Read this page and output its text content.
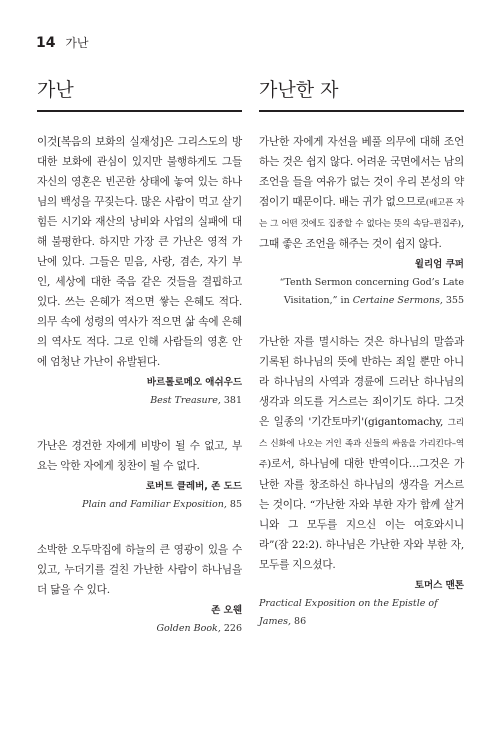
14 가난
가난

이것[복음의 보화의 실재성]은 그리스도의 방대한 보화에 관심이 있지만 불행하게도 그들 자신의 영혼은 빈곤한 상태에 놓여 있는 하나님의 백성을 꾸짖는다. 많은 사람이 먹고 살기 힘든 시기와 재산의 낭비와 사업의 실패에 대해 불평한다. 하지만 가장 큰 가난은 영적 가난에 있다. 그들은 믿음, 사랑, 겸손, 자기 부인, 세상에 대한 죽음 같은 것들을 결핍하고 있다. 쓰는 은혜가 적으면 쌓는 은혜도 적다. 의무 속에 성령의 역사가 적으면 삶 속에 은혜의 역사도 적다. 그로 인해 사람들의 영혼 안에 엄청난 가난이 유발된다.

바르톨로메오 애쉬우드
Best Treasure, 381

가난은 경건한 자에게 비방이 될 수 없고, 부요는 악한 자에게 칭찬이 될 수 없다.

로버트 클레버, 존 도드
Plain and Familiar Exposition, 85

소박한 오두막집에 하늘의 큰 영광이 있을 수 있고, 누더기를 걸친 가난한 사람이 하나님을 더 닮을 수 있다.

존 오웬
Golden Book, 226
가난한 자

가난한 자에게 자선을 베풀 의무에 대해 조언하는 것은 쉽지 않다. 어려운 국면에서는 남의 조언을 들을 여유가 없는 것이 우리 본성의 약점이기 때문이다. 배는 귀가 없으므로(배고픈 자는 그 어떤 것에도 집중할 수 없다는 뜻의 속담–편집주), 그때 좋은 조언을 해주는 것이 쉽지 않다.

윌리엄 쿠퍼
“Tenth Sermon concerning God’s Late
Visitation,” in Certaine Sermons, 355

가난한 자를 멸시하는 것은 하나님의 말씀과 기록된 하나님의 뜻에 반하는 죄일 뿐만 아니라 하나님의 사역과 경륜에 드러난 하나님의 생각과 의도를 거스르는 죄이기도 하다. 그것은 일종의 '기간토마키'(gigantomachy, 그리스 신화에 나오는 거인 족과 신들의 싸움을 가리킨다–역주)로서, 하나님에 대한 반역이다…그것은 가난한 자를 창조하신 하나님의 생각을 거스르는 것이다. “가난한 자와 부한 자가 함께 살거니와 그 모두를 지으신 이는 여호와시니라”(잠 22:2). 하나님은 가난한 자와 부한 자, 모두를 지으셨다.

토머스 맨톤
Practical Exposition on the Epistle of James, 86
